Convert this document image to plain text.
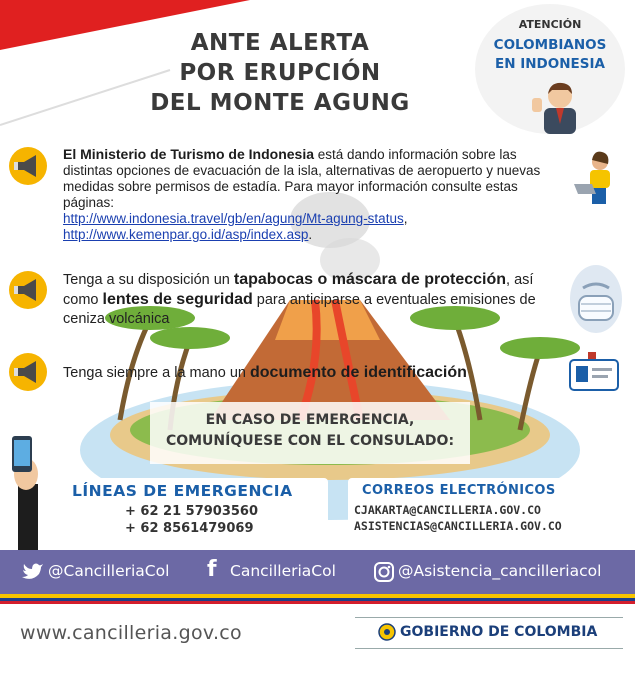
ANTE ALERTA
POR ERUPCIÓN
DEL MONTE AGUNG
ATENCIÓN
COLOMBIANOS
EN INDONESIA
El Ministerio de Turismo de Indonesia está dando información sobre las distintas opciones de evacuación de la isla, alternativas de aeropuerto y nuevas medidas sobre permisos de estadía. Para mayor información consulte estas páginas:
http://www.indonesia.travel/gb/en/agung/Mt-agung-status,
http://www.kemenpar.go.id/asp/index.asp.
Tenga a su disposición un tapabocas o máscara de protección, así como lentes de seguridad para anticiparse a eventuales emisiones de ceniza volcánica
Tenga siempre a la mano un documento de identificación
EN CASO DE EMERGENCIA,
COMUNÍQUESE CON EL CONSULADO:
LÍNEAS DE EMERGENCIA
+ 62 21 57903560
+ 62 8561479069
CORREOS ELECTRÓNICOS
CJAKARTA@CANCILLERIA.GOV.CO
ASISTENCIAS@CANCILLERIA.GOV.CO
@CancilleriaCol f CancilleriaCol	@Asistencia_cancilleriacol
www.cancilleria.gov.co	GOBIERNO DE COLOMBIA
